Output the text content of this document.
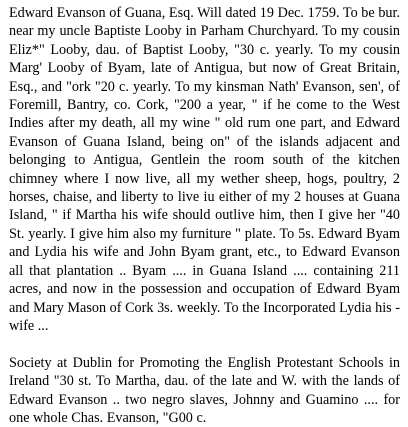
Edward Evanson of Guana, Esq. Will dated 19 Dec. 1759. To be bur. near my uncle Baptiste Looby in Parham Churchyard. To my cousin Eliz*" Looby, dau. of Baptist Looby, "30 c. yearly. To my cousin Marg' Looby of Byam, late of Antigua, but now of Great Britain, Esq., and "ork "20 c. yearly. To my kinsman Nath' Evanson, sen', of Foremill, Bantry, co. Cork, "200 a year, " if he come to the West Indies after my death, all my wine " old rum one part, and Edward Evanson of Guana Island, being on" of the islands adjacent and belonging to Antigua, Gentlein the room south of the kitchen chimney where I now live, all my wether sheep, hogs, poultry, 2 horses, chaise, and liberty to live iu either of my 2 houses at Guana Island, " if Martha his wife should outlive him, then I give her "40 St. yearly. I give him also my furniture " plate. To 5s. Edward Byam and Lydia his wife and John Byam grant, etc., to Edward Evanson all that plantation .. Byam .... in Guana Island .... containing 211 acres, and now in the possession and occupation of Edward Byam and Mary Mason of Cork 3s. weekly. To the Incorporated Lydia his -wife ...

Society at Dublin for Promoting the English Protestant Schools in Ireland "30 st. To Martha, dau. of the late and W. with the lands of Edward Evanson .. two negro slaves, Johnny and Guamino .... for one whole Chas. Evanson, "G00 c.
